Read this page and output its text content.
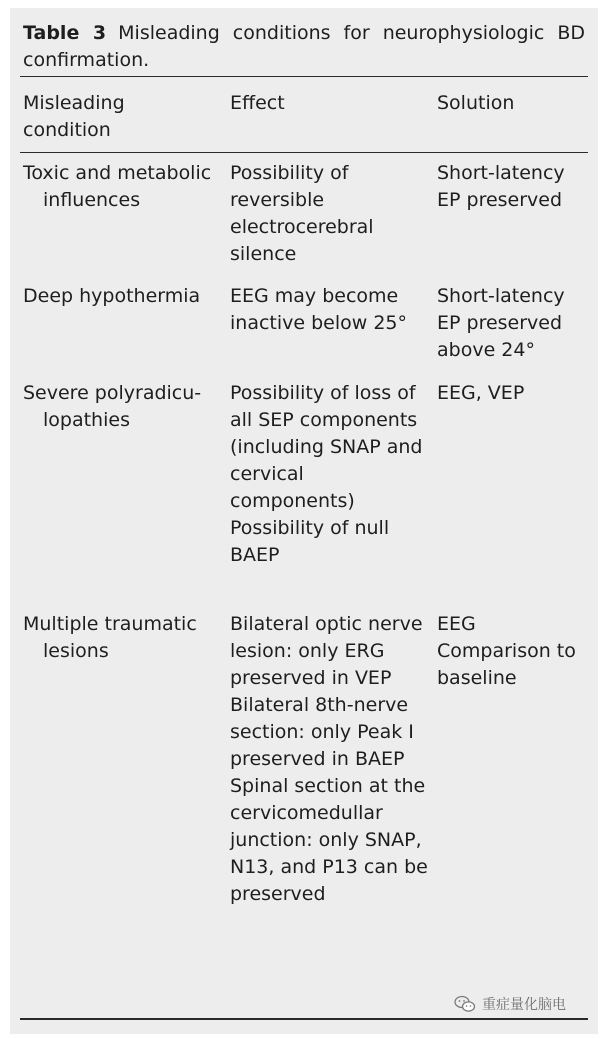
Table 3 Misleading conditions for neurophysiologic BD confirmation.
Misleading condition
Effect	Solution
Toxic and metabolic influences
Possibility of reversible electrocerebral silence
Short-latency EP preserved
Deep hypothermia	EEG may become inactive below 25°
Short-latency EP preserved above 24°
Severe polyradicu-lopathies
Possibility of loss of all SEP components (including SNAP and cervical components)
Possibility of null BAEP
EEG, VEP
Multiple traumatic lesions
Bilateral optic nerve lesion: only ERG preserved in VEP
Bilateral 8th-nerve section: only Peak I preserved in BAEP
Spinal section at the cervicomedullar junction: only SNAP, N13, and P13 can be preserved
EEG
Comparison to baseline
重症量化脑电
